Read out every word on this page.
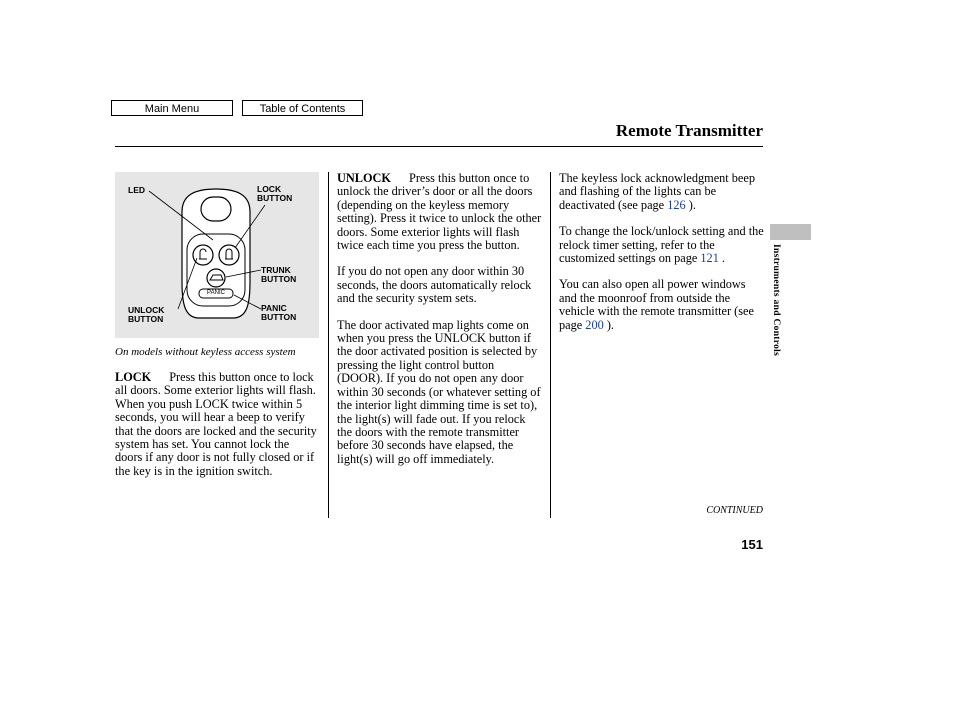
Main Menu	Table of Contents
Remote Transmitter
LED	LOCK
BUTTON
TRUNK
BUTTON
UNLOCK
BUTTON
PANIC
BUTTON
PANIC
On models without keyless access system

LOCK Press this button once to lock all doors. Some exterior lights will flash. When you push LOCK twice within 5 seconds, you will hear a beep to verify that the doors are locked and the security system has set. You cannot lock the doors if any door is not fully closed or if the key is in the ignition switch.

UNLOCK Press this button once to unlock the driver’s door or all the doors (depending on the keyless memory setting). Press it twice to unlock the other doors. Some exterior lights will flash twice each time you press the button.

If you do not open any door within 30 seconds, the doors automatically relock and the security system sets.

The door activated map lights come on when you press the UNLOCK button if the door activated position is selected by pressing the light control button (DOOR). If you do not open any door within 30 seconds (or whatever setting of the interior light dimming time is set to), the light(s) will fade out. If you relock the doors with the remote transmitter before 30 seconds have elapsed, the light(s) will go off immediately.

The keyless lock acknowledgment beep and flashing of the lights can be deactivated (see page 126 ).

To change the lock/unlock setting and the relock timer setting, refer to the customized settings on page 121 .

You can also open all power windows and the moonroof from outside the vehicle with the remote transmitter (see page 200 ).	Instruments and Controls
CONTINUED
151
